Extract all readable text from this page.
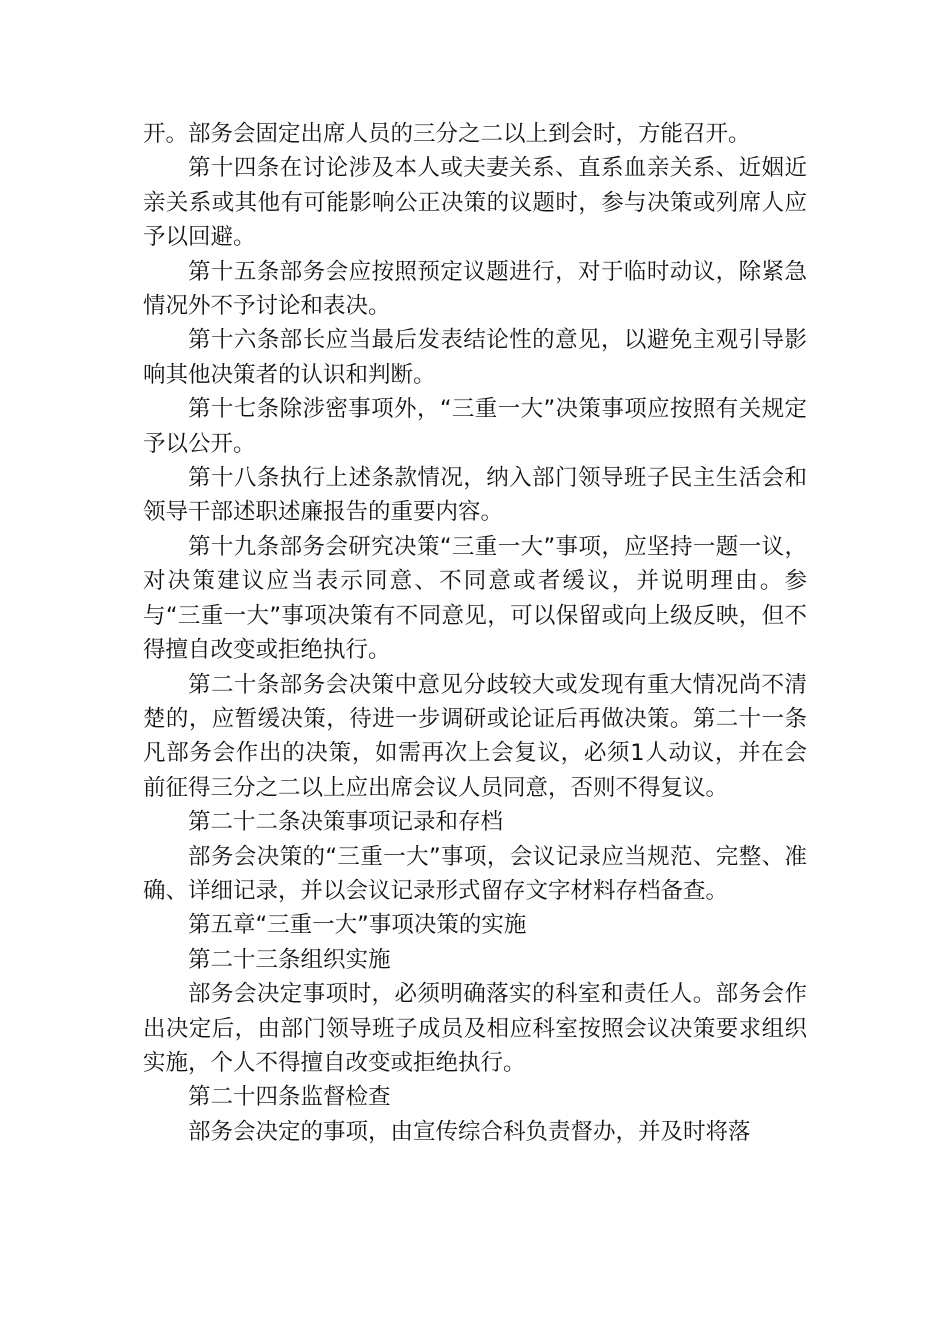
开。部务会固定出席人员的三分之二以上到会时，方能召开。

第十四条在讨论涉及本人或夫妻关系、直系血亲关系、近姻近亲关系或其他有可能影响公正决策的议题时，参与决策或列席人应予以回避。

第十五条部务会应按照预定议题进行，对于临时动议，除紧急情况外不予讨论和表决。

第十六条部长应当最后发表结论性的意见，以避免主观引导影响其他决策者的认识和判断。

第十七条除涉密事项外，“三重一大”决策事项应按照有关规定予以公开。

第十八条执行上述条款情况，纳入部门领导班子民主生活会和领导干部述职述廉报告的重要内容。

第十九条部务会研究决策“三重一大”事项，应坚持一题一议，对决策建议应当表示同意、不同意或者缓议，并说明理由。参与“三重一大”事项决策有不同意见，可以保留或向上级反映，但不得擅自改变或拒绝执行。

第二十条部务会决策中意见分歧较大或发现有重大情况尚不清楚的，应暂缓决策，待进一步调研或论证后再做决策。第二十一条凡部务会作出的决策，如需再次上会复议，必须1人动议，并在会前征得三分之二以上应出席会议人员同意，否则不得复议。

第二十二条决策事项记录和存档

部务会决策的“三重一大”事项，会议记录应当规范、完整、准确、详细记录，并以会议记录形式留存文字材料存档备查。

第五章“三重一大”事项决策的实施

第二十三条组织实施

部务会决定事项时，必须明确落实的科室和责任人。部务会作出决定后，由部门领导班子成员及相应科室按照会议决策要求组织实施，个人不得擅自改变或拒绝执行。

第二十四条监督检查

部务会决定的事项，由宣传综合科负责督办，并及时将落
